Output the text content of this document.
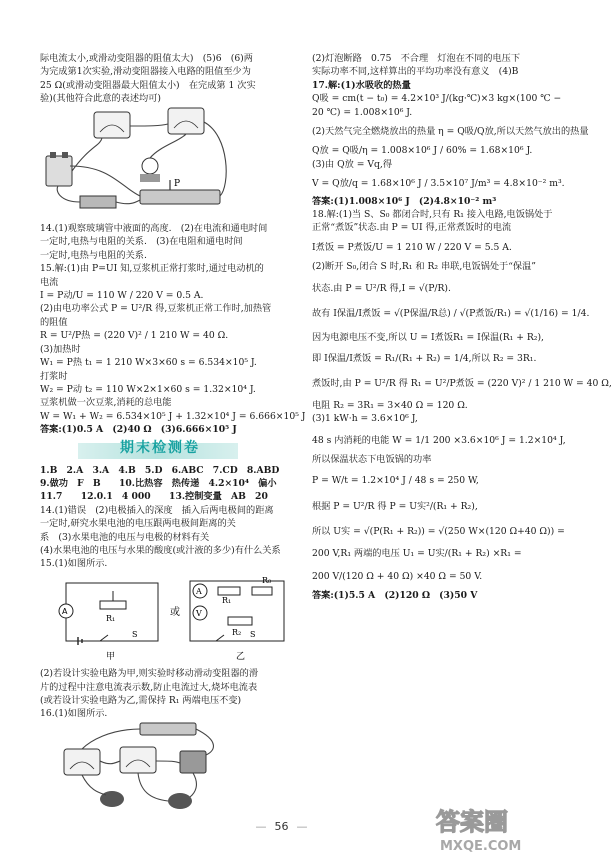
际电流太小,或滑动变阻器的阻值太大)　(5)6　(6)两
为完成第1次实验,滑动变阻器接入电路的阻值至少为
25 Ω(或滑动变阻器最大阻值太小)　在完成第 1 次实
验)(其他符合此意的表述均可)
P
14.(1)观察玻璃管中液面的高度.　(2)在电流和通电时间
一定时,电热与电阻的关系.　(3)在电阻和通电时间
一定时,电热与电阻的关系.
15.解:(1)由 P=UI 知,豆浆机正常打浆时,通过电动机的
电流
I = P动/U = 110 W / 220 V = 0.5 A.
(2)由电功率公式 P = U²/R 得,豆浆机正常工作时,加热管
的阻值
R = U²/P热 = (220 V)² / 1 210 W = 40 Ω.
(3)加热时
W₁ = P热 t₁ = 1 210 W×3×60 s = 6.534×10⁵ J.
打浆时
W₂ = P动 t₂ = 110 W×2×1×60 s = 1.32×10⁴ J.
豆浆机做一次豆浆,消耗的总电能
W = W₁ + W₂ = 6.534×10⁵ J + 1.32×10⁴ J = 6.666×10⁵ J
答案:(1)0.5 A　(2)40 Ω　(3)6.666×10⁵ J
期末检测卷
1.B　2.A　3.A　4.B　5.D　6.ABC　7.CD　8.ABD
9.做功　F　B　　10.比热容　热传递　4.2×10⁴　偏小
11.7　　12.0.1　4 000　　13.控制变量　AB　20
14.(1)错误　(2)电极插入的深度　插入后两电极间的距离
一定时,研究水果电池的电压跟两电极间距离的关
系　(3)水果电池的电压与电极的材料有关
(4)水果电池的电压与水果的酸度(或汁液的多少)有什么关系
15.(1)如图所示.
A
R₁
S
甲
或
A
V
R₁
R₀
R₂ S
乙
(2)若设计实验电路为甲,则实验时移动滑动变阻器的滑
片的过程中注意电流表示数,防止电流过大,烧坏电流表
(或若设计实验电路为乙,需保持 R₁ 两端电压不变)
16.(1)如图所示.
(2)灯泡断路　0.75　不合理　灯泡在不同的电压下
实际功率不同,这样算出的平均功率没有意义　(4)B
17.解:(1)水吸收的热量
Q吸 = cm(t − t₀) = 4.2×10³ J/(kg·℃)×3 kg×(100 ℃ −
20 ℃) = 1.008×10⁶ J.
(2)天然气完全燃烧放出的热量 η = Q吸/Q放,所以天然气放出的热量
Q放 = Q吸/η = 1.008×10⁶ J / 60% = 1.68×10⁶ J.
(3)由 Q放 = Vq,得
V = Q放/q = 1.68×10⁶ J / 3.5×10⁷ J/m³ = 4.8×10⁻² m³.
答案:(1)1.008×10⁶ J　(2)4.8×10⁻² m³
18.解:(1)当 S、S₀ 都闭合时,只有 R₁ 接入电路,电饭锅处于
正常“煮饭”状态.由 P = UI 得,正常煮饭时的电流
I煮饭 = P煮饭/U = 1 210 W / 220 V = 5.5 A.
(2)断开 S₀,闭合 S 时,R₁ 和 R₂ 串联,电饭锅处于“保温”
状态.由 P = U²/R 得,I = √(P/R).
故有 I保温/I煮饭 = √(P保温/R总) / √(P煮饭/R₁) = √(1/16) = 1/4.
因为电源电压不变,所以 U = I煮饭R₁ = I保温(R₁ + R₂),
即 I保温/I煮饭 = R₁/(R₁ + R₂) = 1/4,所以 R₂ = 3R₁.
煮饭时,由 P = U²/R 得 R₁ = U²/P煮饭 = (220 V)² / 1 210 W = 40 Ω,
电阻 R₂ = 3R₁ = 3×40 Ω = 120 Ω.
(3)1 kW·h = 3.6×10⁶ J,
48 s 内消耗的电能 W = 1/1 200 ×3.6×10⁶ J = 1.2×10⁴ J,
所以保温状态下电饭锅的功率
P = W/t = 1.2×10⁴ J / 48 s = 250 W,
根据 P = U²/R 得 P = U实²/(R₁ + R₂),
所以 U实 = √(P(R₁ + R₂)) = √(250 W×(120 Ω+40 Ω)) =
200 V,R₁ 两端的电压 U₁ = U实/(R₁ + R₂) ×R₁ =
200 V/(120 Ω + 40 Ω) ×40 Ω = 50 V.
答案:(1)5.5 A　(2)120 Ω　(3)50 V
— 56 —	答案圈
MXQE.COM
